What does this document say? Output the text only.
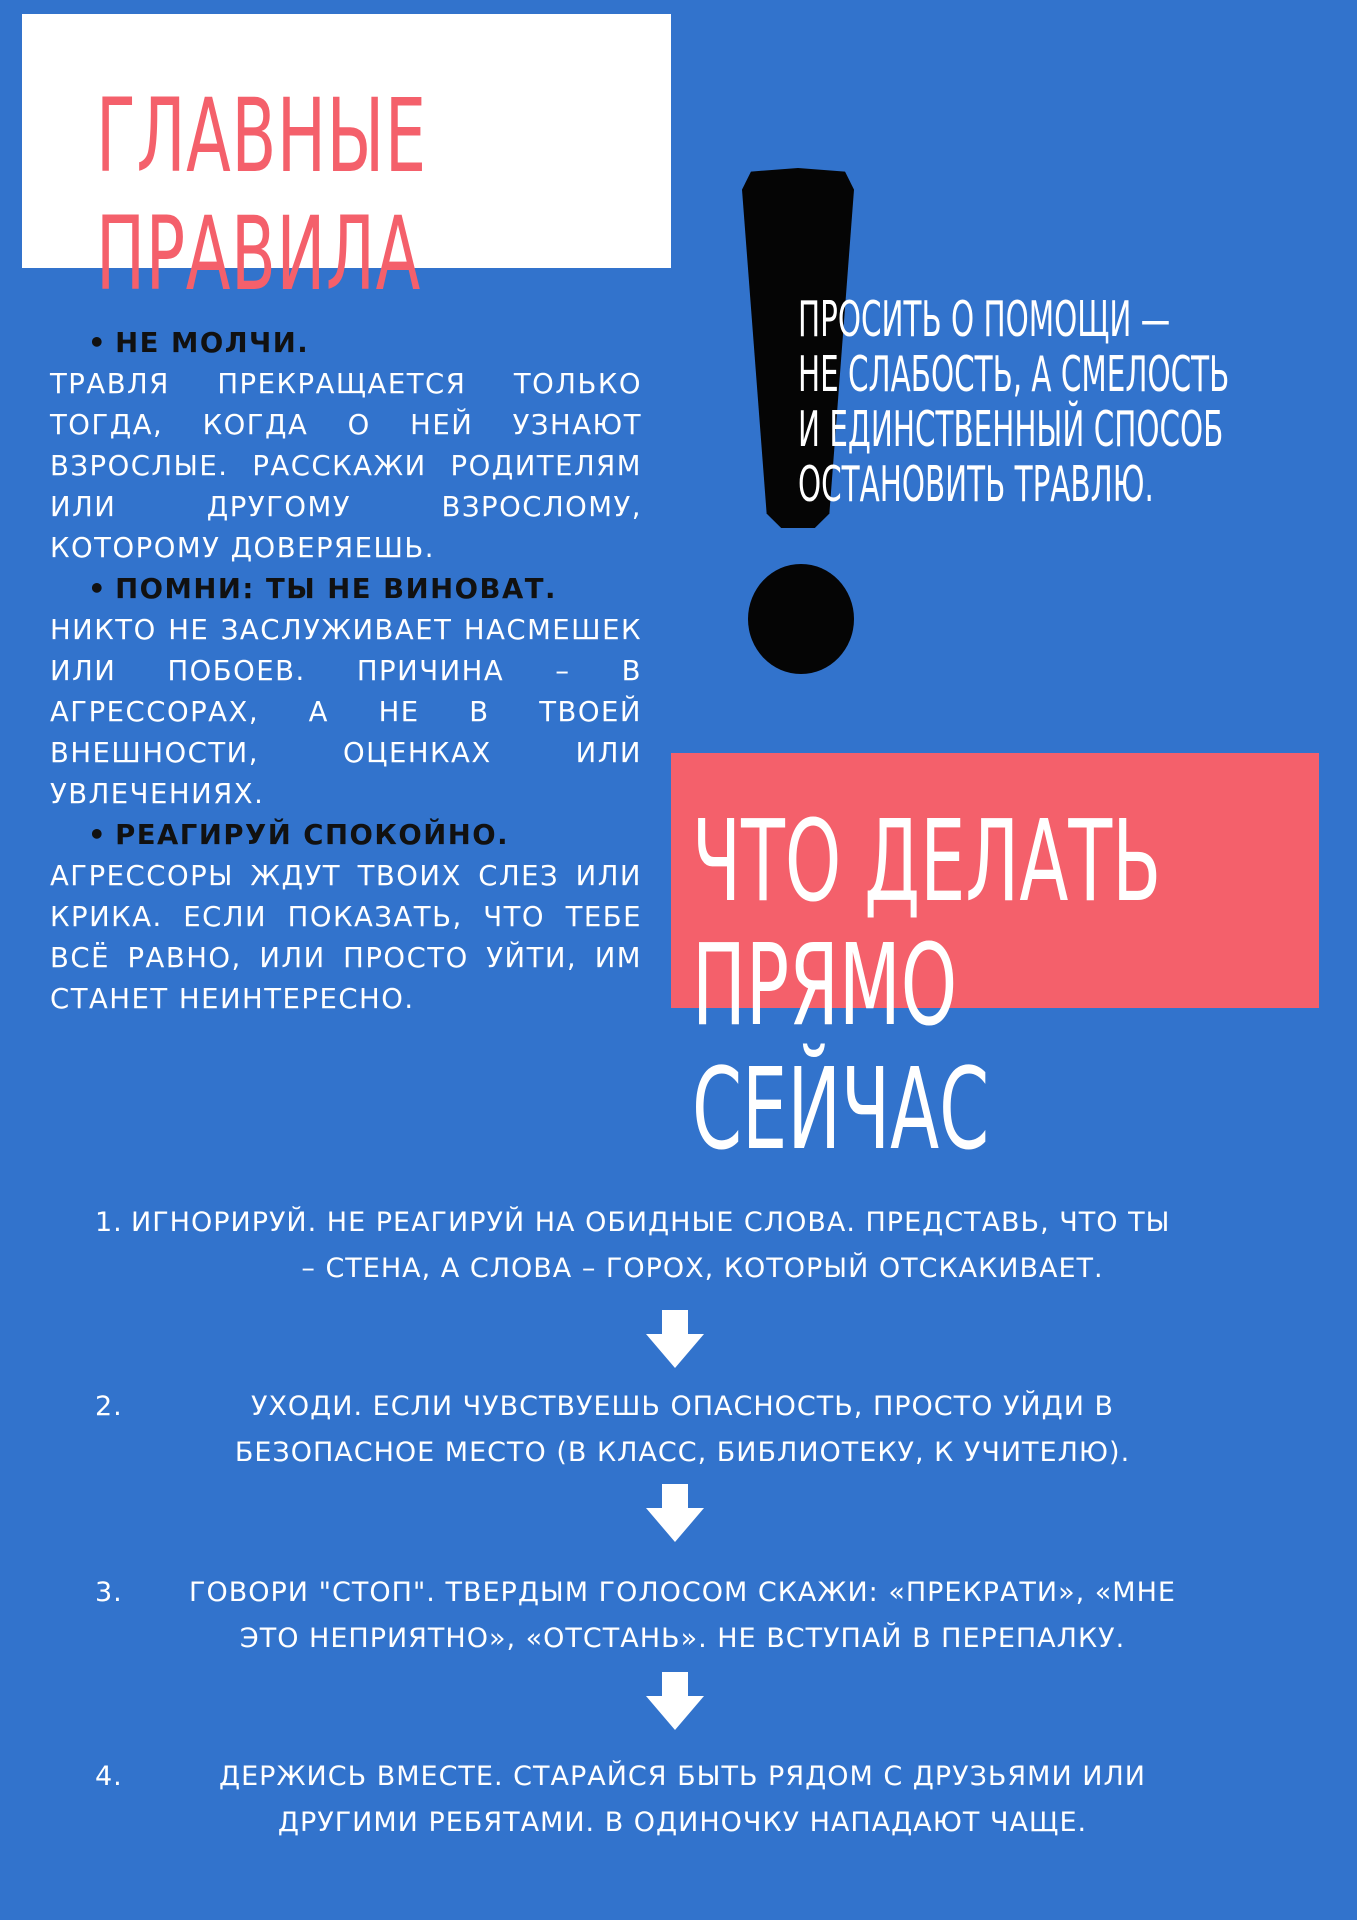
ГЛАВНЫЕ
ПРАВИЛА
• НЕ МОЛЧИ.
ТРАВЛЯ ПРЕКРАЩАЕТСЯ ТОЛЬКО ТОГДА, КОГДА О НЕЙ УЗНАЮТ ВЗРОСЛЫЕ. РАССКАЖИ РОДИТЕЛЯМ ИЛИ ДРУГОМУ ВЗРОСЛОМУ, КОТОРОМУ ДОВЕРЯЕШЬ.
• ПОМНИ: ТЫ НЕ ВИНОВАТ.
НИКТО НЕ ЗАСЛУЖИВАЕТ НАСМЕШЕК ИЛИ ПОБОЕВ. ПРИЧИНА – В АГРЕССОРАХ, А НЕ В ТВОЕЙ ВНЕШНОСТИ, ОЦЕНКАХ ИЛИ УВЛЕЧЕНИЯХ.
• РЕАГИРУЙ СПОКОЙНО.
АГРЕССОРЫ ЖДУТ ТВОИХ СЛЕЗ ИЛИ КРИКА. ЕСЛИ ПОКАЗАТЬ, ЧТО ТЕБЕ ВСЁ РАВНО, ИЛИ ПРОСТО УЙТИ, ИМ СТАНЕТ НЕИНТЕРЕСНО.

ПРОСИТЬ О ПОМОЩИ —
НЕ СЛАБОСТЬ, А СМЕЛОСТЬ
И ЕДИНСТВЕННЫЙ СПОСОБ
ОСТАНОВИТЬ ТРАВЛЮ.

ЧТО ДЕЛАТЬ
ПРЯМО
СЕЙЧАС
1. ИГНОРИРУЙ. НЕ РЕАГИРУЙ НА ОБИДНЫЕ СЛОВА. ПРЕДСТАВЬ, ЧТО ТЫ
– СТЕНА, А СЛОВА – ГОРОХ, КОТОРЫЙ ОТСКАКИВАЕТ.
2.	УХОДИ. ЕСЛИ ЧУВСТВУЕШЬ ОПАСНОСТЬ, ПРОСТО УЙДИ В
БЕЗОПАСНОЕ МЕСТО (В КЛАСС, БИБЛИОТЕКУ, К УЧИТЕЛЮ).
3.	ГОВОРИ "СТОП". ТВЕРДЫМ ГОЛОСОМ СКАЖИ: «ПРЕКРАТИ», «МНЕ
ЭТО НЕПРИЯТНО», «ОТСТАНЬ». НЕ ВСТУПАЙ В ПЕРЕПАЛКУ.
4.	ДЕРЖИСЬ ВМЕСТЕ. СТАРАЙСЯ БЫТЬ РЯДОМ С ДРУЗЬЯМИ ИЛИ
ДРУГИМИ РЕБЯТАМИ. В ОДИНОЧКУ НАПАДАЮТ ЧАЩЕ.
